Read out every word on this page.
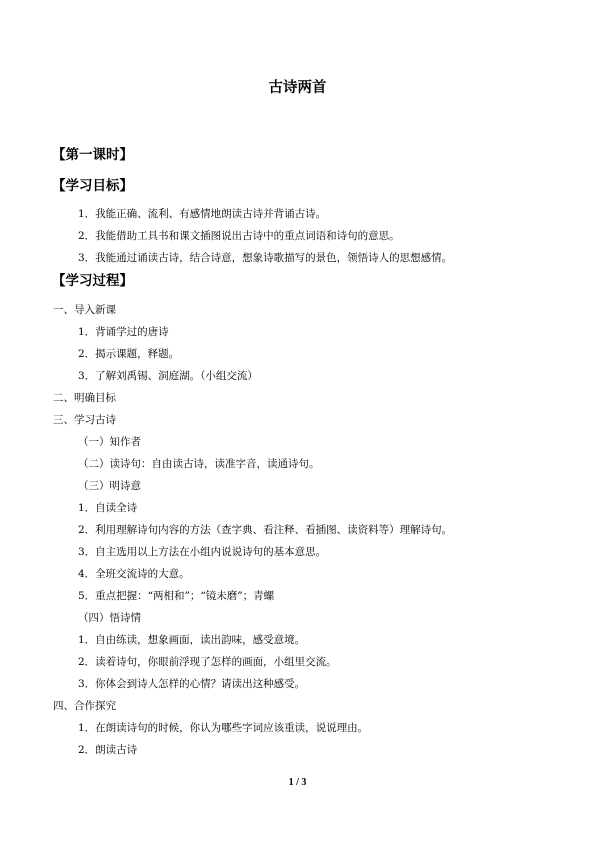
古诗两首
【第一课时】
【学习目标】
1．我能正确、流利、有感情地朗读古诗并背诵古诗。
2．我能借助工具书和课文插图说出古诗中的重点词语和诗句的意思。
3．我能通过诵读古诗，结合诗意，想象诗歌描写的景色，领悟诗人的思想感情。
【学习过程】
一、导入新课
1．背诵学过的唐诗
2．揭示课题，释题。
3．了解刘禹锡、洞庭湖。（小组交流）
二、明确目标
三、学习古诗
（一）知作者
（二）读诗句：自由读古诗，读准字音，读通诗句。
（三）明诗意
1．自读全诗
2．利用理解诗句内容的方法（查字典、看注释、看插图、读资料等）理解诗句。
3．自主选用以上方法在小组内说说诗句的基本意思。
4．全班交流诗的大意。
5．重点把握：“两相和”；“镜未磨”；青螺
（四）悟诗情
1．自由练读，想象画面，读出韵味，感受意境。
2．读着诗句，你眼前浮现了怎样的画面，小组里交流。
3．你体会到诗人怎样的心情？请读出这种感受。
四、合作探究
1．在朗读诗句的时候，你认为哪些字词应该重读，说说理由。
2．朗读古诗
1 / 3
